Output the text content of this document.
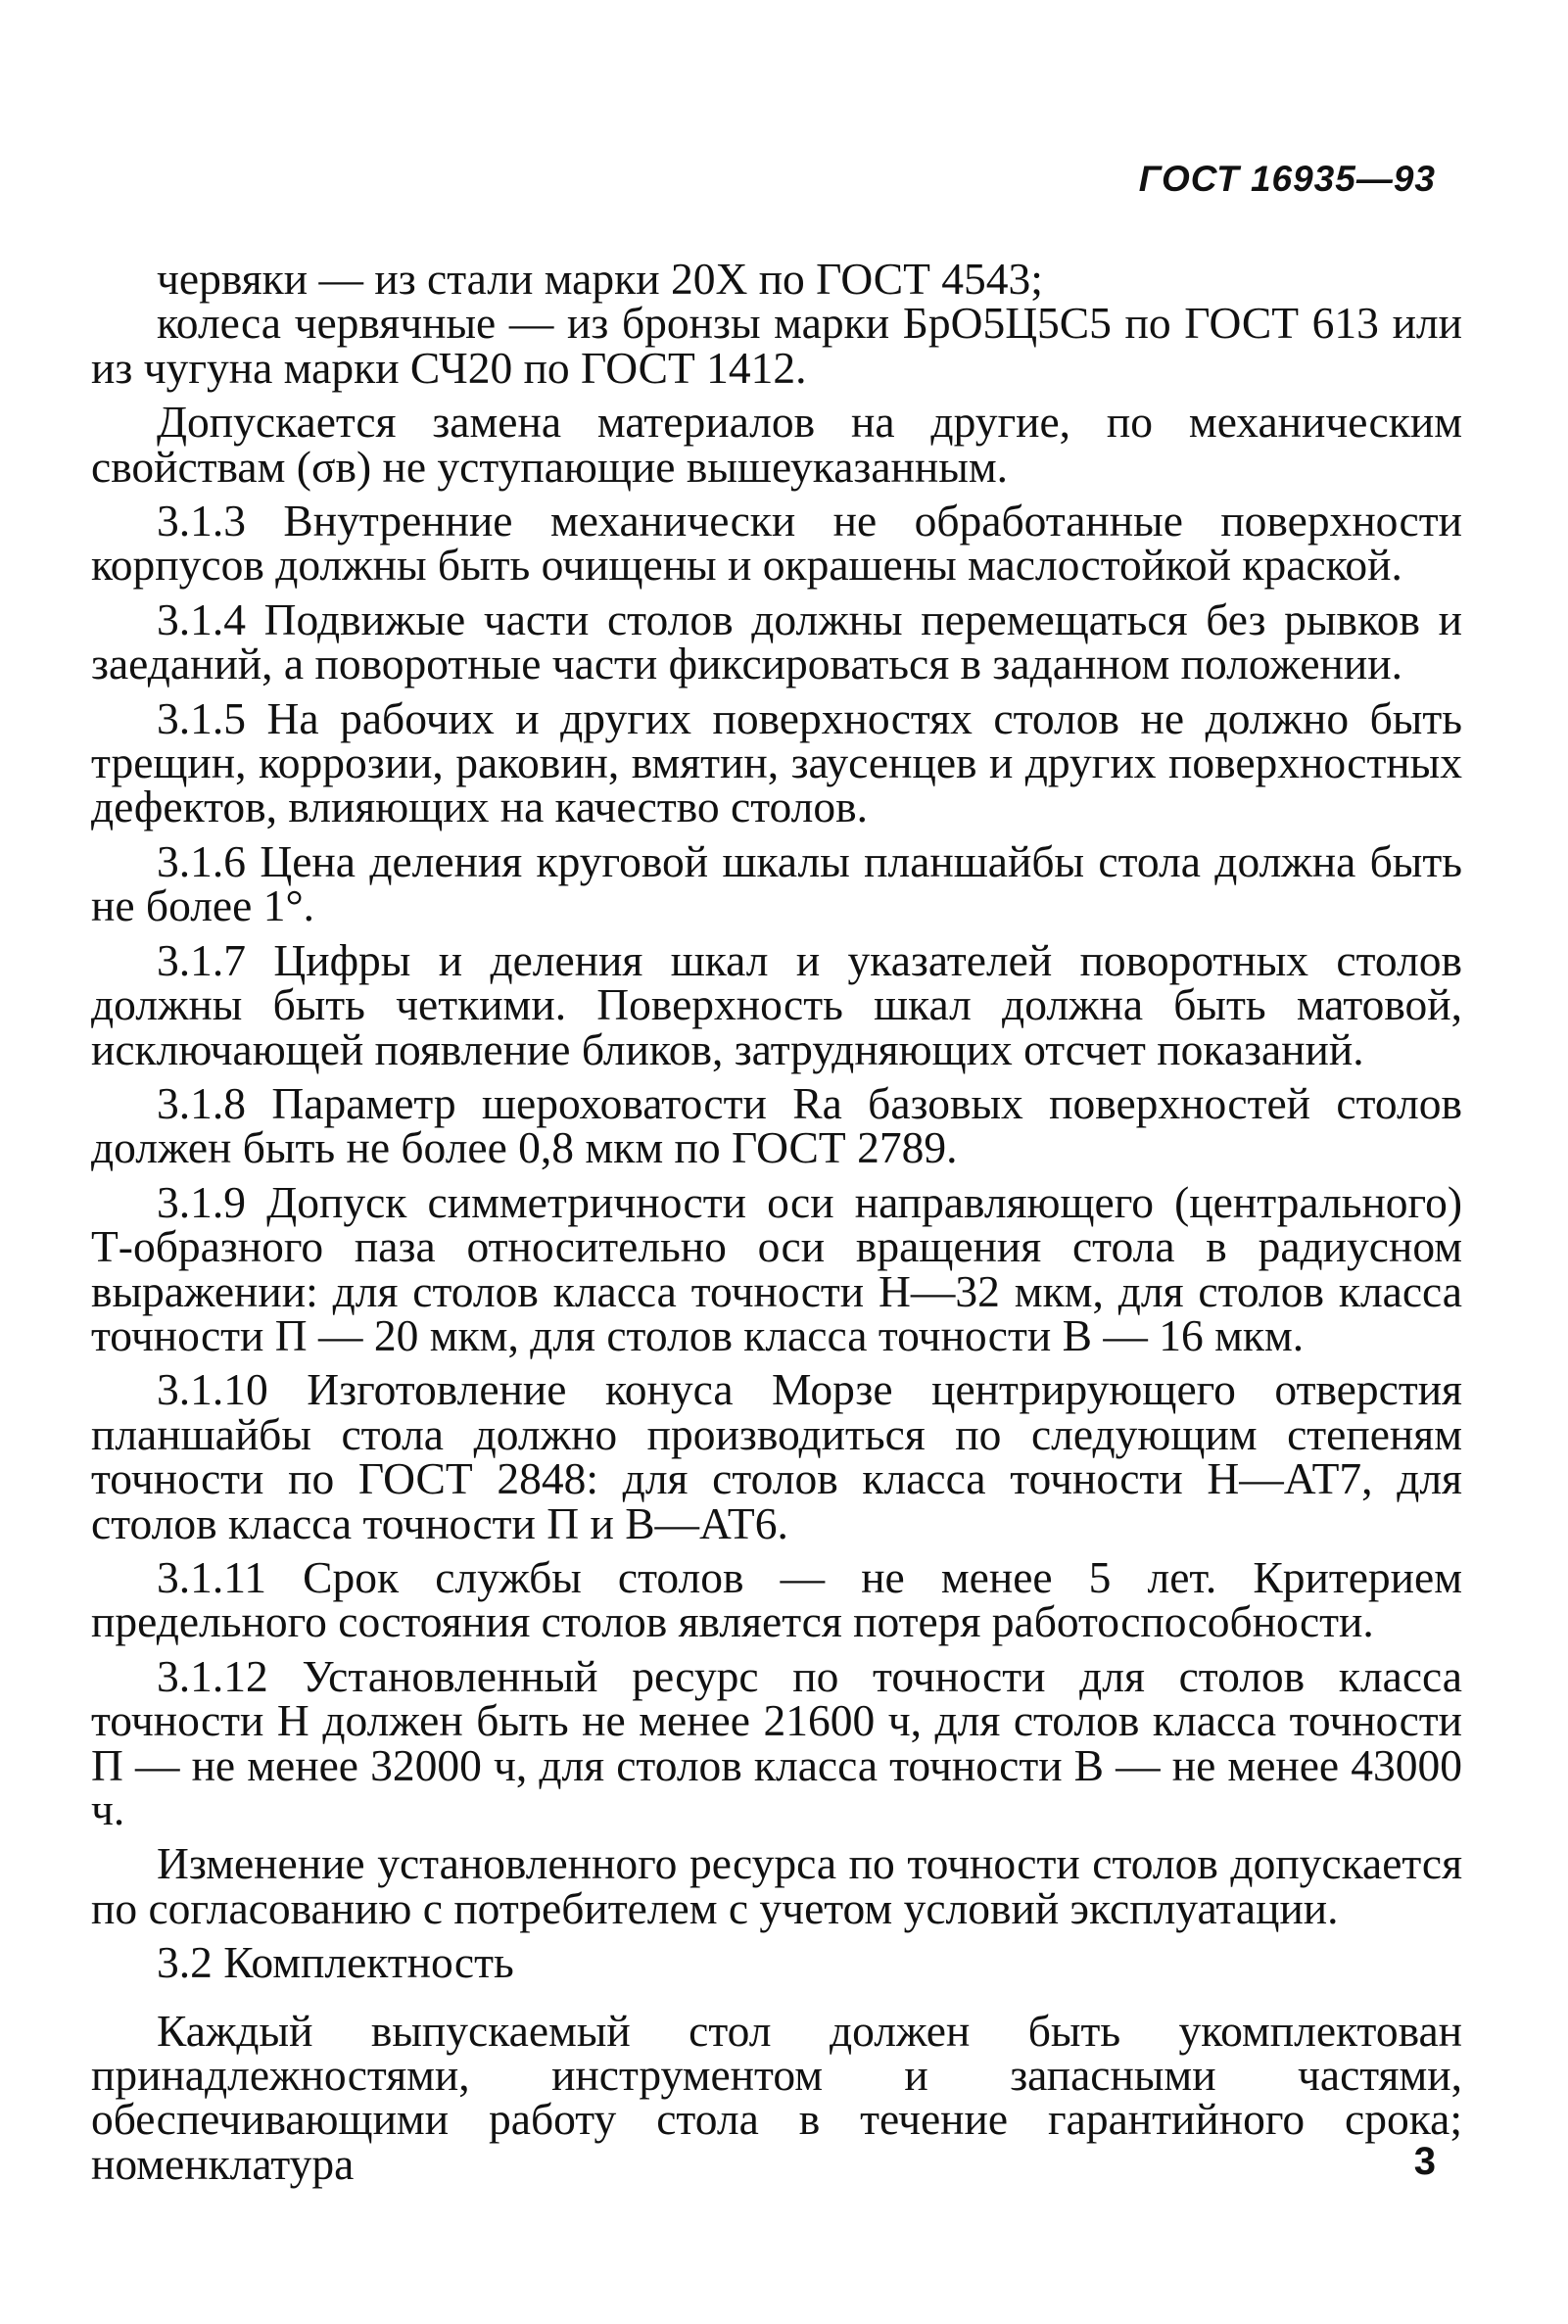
ГОСТ 16935—93

червяки — из стали марки 20Х по ГОСТ 4543;

колеса червячные — из бронзы марки БрО5Ц5С5 по ГОСТ 613 или из чугуна марки СЧ20 по ГОСТ 1412.

Допускается замена материалов на другие, по механическим свойствам (σв) не уступающие вышеуказанным.

3.1.3 Внутренние механически не обработанные поверхности корпусов должны быть очищены и окрашены маслостойкой краской.

3.1.4 Подвижые части столов должны перемещаться без рывков и заеданий, а поворотные части фиксироваться в заданном положении.

3.1.5 На рабочих и других поверхностях столов не должно быть трещин, коррозии, раковин, вмятин, заусенцев и других поверхностных дефектов, влияющих на качество столов.

3.1.6 Цена деления круговой шкалы планшайбы стола должна быть не более 1°.

3.1.7 Цифры и деления шкал и указателей поворотных столов должны быть четкими. Поверхность шкал должна быть матовой, исключающей появление бликов, затрудняющих отсчет показаний.

3.1.8 Параметр шероховатости Ra базовых поверхностей столов должен быть не более 0,8 мкм по ГОСТ 2789.

3.1.9 Допуск симметричности оси направляющего (центрального) Т-образного паза относительно оси вращения стола в радиусном выражении: для столов класса точности Н—32 мкм, для столов класса точности П — 20 мкм, для столов класса точности В — 16 мкм.

3.1.10 Изготовление конуса Морзе центрирующего отверстия планшайбы стола должно производиться по следующим степеням точности по ГОСТ 2848: для столов класса точности Н—АТ7, для столов класса точности П и В—АТ6.

3.1.11 Срок службы столов — не менее 5 лет. Критерием предельного состояния столов является потеря работоспособности.

3.1.12 Установленный ресурс по точности для столов класса точности Н должен быть не менее 21600 ч, для столов класса точности П — не менее 32000 ч, для столов класса точности В — не менее 43000 ч.

Изменение установленного ресурса по точности столов допускается по согласованию с потребителем с учетом условий эксплуатации.

3.2 Комплектность

Каждый выпускаемый стол должен быть укомплектован принадлежностями, инструментом и запасными частями, обеспечивающими работу стола в течение гарантийного срока; номенклатура	3
